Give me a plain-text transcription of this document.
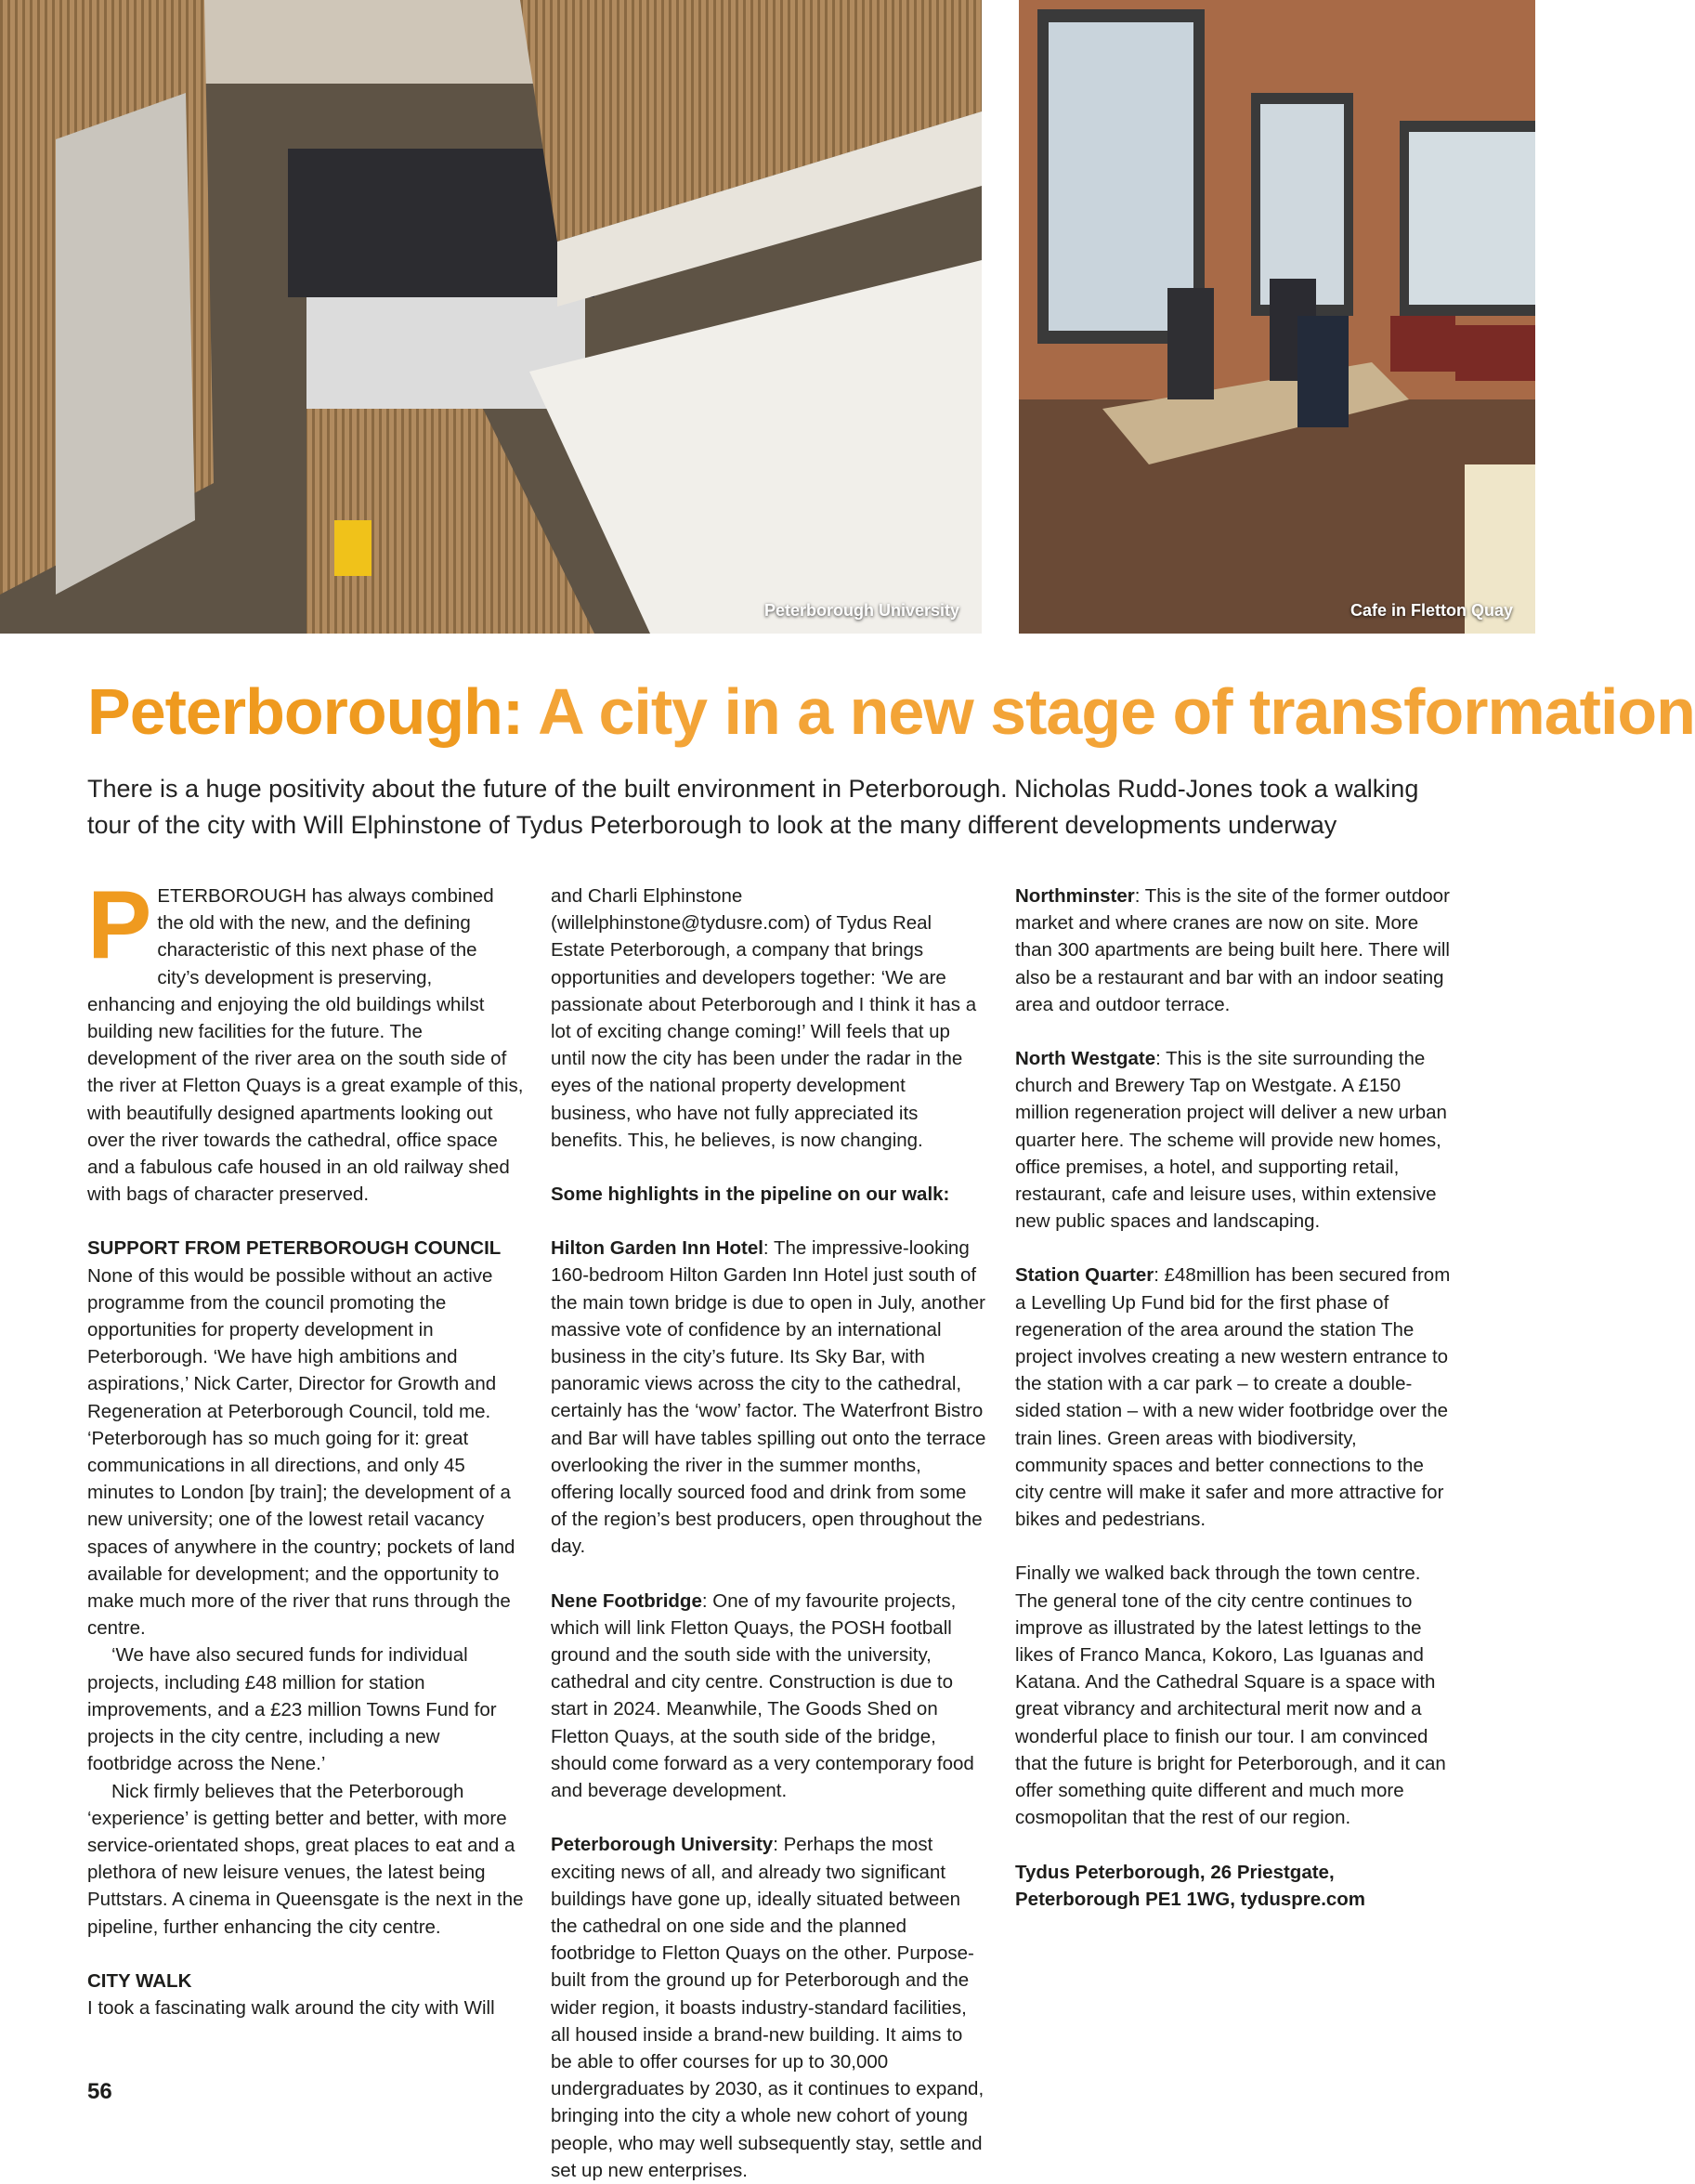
Peterborough University	Cafe in Fletton Quay
Peterborough: A city in a new stage of transformation

There is a huge positivity about the future of the built environment in Peterborough. Nicholas Rudd-Jones took a walking tour of the city with Will Elphinstone of Tydus Peterborough to look at the many different developments underway

PETERBOROUGH has always combined the old with the new, and the defining characteristic of this next phase of the city’s development is preserving, enhancing and enjoying the old buildings whilst building new facilities for the future. The development of the river area on the south side of the river at Fletton Quays is a great example of this, with beautifully designed apartments looking out over the river towards the cathedral, office space and a fabulous cafe housed in an old railway shed with bags of character preserved.

SUPPORT FROM PETERBOROUGH COUNCIL

None of this would be possible without an active programme from the council promoting the opportunities for property development in Peterborough. ‘We have high ambitions and aspirations,’ Nick Carter, Director for Growth and Regeneration at Peterborough Council, told me. ‘Peterborough has so much going for it: great communications in all directions, and only 45 minutes to London [by train]; the development of a new university; one of the lowest retail vacancy spaces of anywhere in the country; pockets of land available for development; and the opportunity to make much more of the river that runs through the centre.

‘We have also secured funds for individual projects, including £48 million for station improvements, and a £23 million Towns Fund for projects in the city centre, including a new footbridge across the Nene.’

Nick firmly believes that the Peterborough ‘experience’ is getting better and better, with more service-orientated shops, great places to eat and a plethora of new leisure venues, the latest being Puttstars. A cinema in Queensgate is the next in the pipeline, further enhancing the city centre.

CITY WALK

I took a fascinating walk around the city with Will

and Charli Elphinstone (willelphinstone@tydusre.com) of Tydus Real Estate Peterborough, a company that brings opportunities and developers together: ‘We are passionate about Peterborough and I think it has a lot of exciting change coming!’ Will feels that up until now the city has been under the radar in the eyes of the national property development business, who have not fully appreciated its benefits. This, he believes, is now changing.

Some highlights in the pipeline on our walk:

Hilton Garden Inn Hotel: The impressive-looking 160-bedroom Hilton Garden Inn Hotel just south of the main town bridge is due to open in July, another massive vote of confidence by an international business in the city’s future. Its Sky Bar, with panoramic views across the city to the cathedral, certainly has the ‘wow’ factor. The Waterfront Bistro and Bar will have tables spilling out onto the terrace overlooking the river in the summer months, offering locally sourced food and drink from some of the region’s best producers, open throughout the day.

Nene Footbridge: One of my favourite projects, which will link Fletton Quays, the POSH football ground and the south side with the university, cathedral and city centre. Construction is due to start in 2024. Meanwhile, The Goods Shed on Fletton Quays, at the south side of the bridge, should come forward as a very contemporary food and beverage development.

Peterborough University: Perhaps the most exciting news of all, and already two significant buildings have gone up, ideally situated between the cathedral on one side and the planned footbridge to Fletton Quays on the other. Purpose-built from the ground up for Peterborough and the wider region, it boasts industry-standard facilities, all housed inside a brand-new building. It aims to be able to offer courses for up to 30,000 undergraduates by 2030, as it continues to expand, bringing into the city a whole new cohort of young people, who may well subsequently stay, settle and set up new enterprises.

Northminster: This is the site of the former outdoor market and where cranes are now on site. More than 300 apartments are being built here. There will also be a restaurant and bar with an indoor seating area and outdoor terrace.

North Westgate: This is the site surrounding the church and Brewery Tap on Westgate. A £150 million regeneration project will deliver a new urban quarter here. The scheme will provide new homes, office premises, a hotel, and supporting retail, restaurant, cafe and leisure uses, within extensive new public spaces and landscaping.

Station Quarter: £48million has been secured from a Levelling Up Fund bid for the first phase of regeneration of the area around the station The project involves creating a new western entrance to the station with a car park – to create a double-sided station – with a new wider footbridge over the train lines. Green areas with biodiversity, community spaces and better connections to the city centre will make it safer and more attractive for bikes and pedestrians.

Finally we walked back through the town centre. The general tone of the city centre continues to improve as illustrated by the latest lettings to the likes of Franco Manca, Kokoro, Las Iguanas and Katana. And the Cathedral Square is a space with great vibrancy and architectural merit now and a wonderful place to finish our tour. I am convinced that the future is bright for Peterborough, and it can offer something quite different and much more cosmopolitan that the rest of our region.

Tydus Peterborough, 26 Priestgate, Peterborough PE1 1WG, tyduspre.com

56
